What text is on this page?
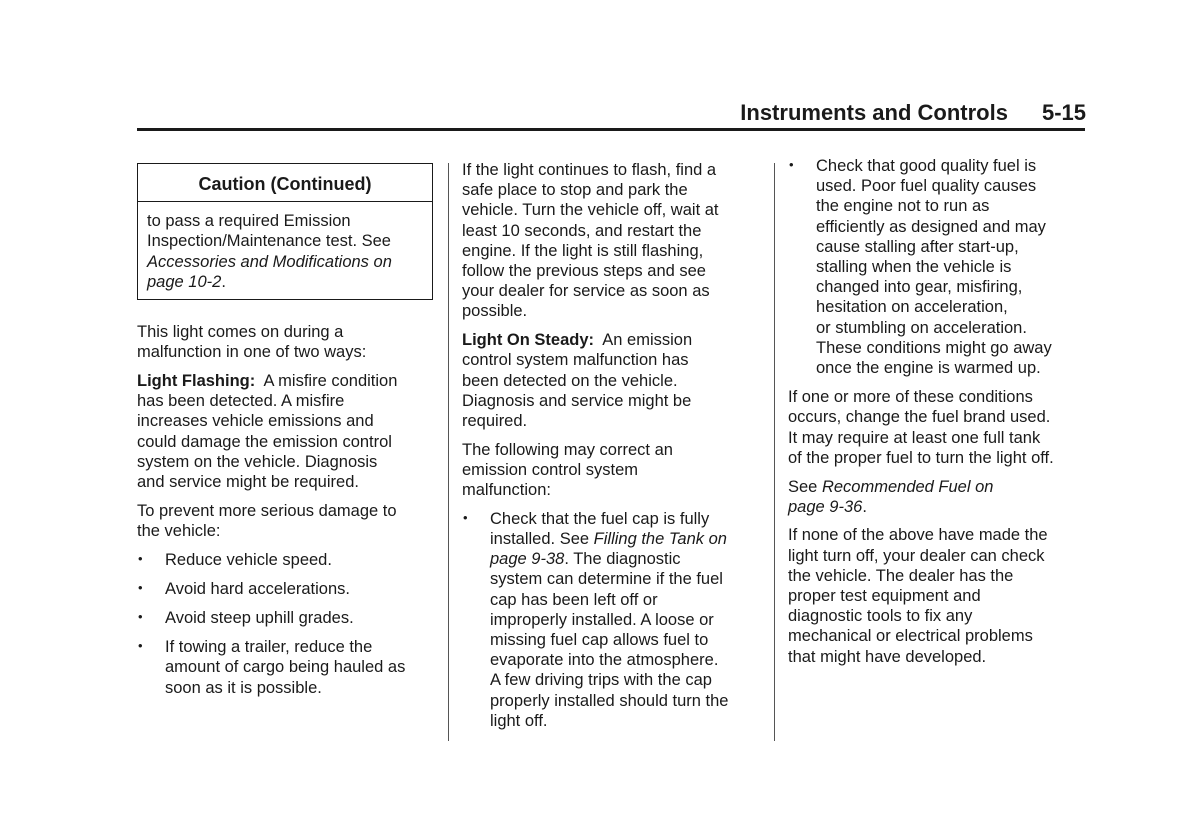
Instruments and Controls 5-15
Caution (Continued)
to pass a required Emission
Inspection/Maintenance test. See
Accessories and Modifications on page 10-2.

This light comes on during a
malfunction in one of two ways:

Light Flashing:  A misfire condition
has been detected. A misfire
increases vehicle emissions and
could damage the emission control
system on the vehicle. Diagnosis
and service might be required.

To prevent more serious damage to
the vehicle:

• Reduce vehicle speed.
• Avoid hard accelerations.
• Avoid steep uphill grades.
• If towing a trailer, reduce the
amount of cargo being hauled as
soon as it is possible.

If the light continues to flash, find a
safe place to stop and park the
vehicle. Turn the vehicle off, wait at
least 10 seconds, and restart the
engine. If the light is still flashing,
follow the previous steps and see
your dealer for service as soon as
possible.

Light On Steady:  An emission
control system malfunction has
been detected on the vehicle.
Diagnosis and service might be
required.

The following may correct an
emission control system
malfunction:

• Check that the fuel cap is fully
installed. See Filling the Tank on page 9-38. The diagnostic
system can determine if the fuel
cap has been left off or
improperly installed. A loose or
missing fuel cap allows fuel to
evaporate into the atmosphere.
A few driving trips with the cap
properly installed should turn the
light off.
• Check that good quality fuel is
used. Poor fuel quality causes
the engine not to run as
efficiently as designed and may
cause stalling after start-up,
stalling when the vehicle is
changed into gear, misfiring,
hesitation on acceleration,
or stumbling on acceleration.
These conditions might go away
once the engine is warmed up.

If one or more of these conditions
occurs, change the fuel brand used.
It may require at least one full tank
of the proper fuel to turn the light off.

See Recommended Fuel on
page 9-36.

If none of the above have made the
light turn off, your dealer can check
the vehicle. The dealer has the
proper test equipment and
diagnostic tools to fix any
mechanical or electrical problems
that might have developed.
